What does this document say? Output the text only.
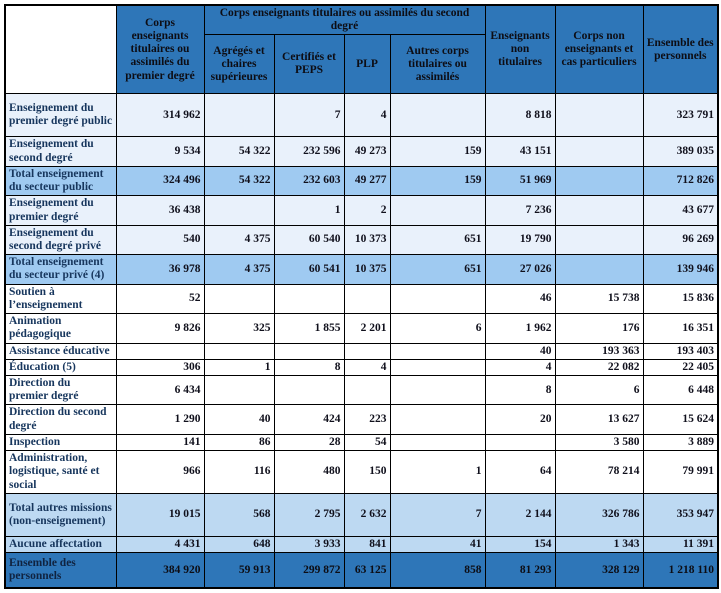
	Corps enseignants titulaires ou assimilés du premier degré	Corps enseignants titulaires ou assimilés du second degré				Enseignants non titulaires	Corps non enseignants et cas particuliers	Ensemble des personnels
		Agrégés et chaires supérieures	Certifiés et PEPS	PLP	Autres corps titulaires ou assimilés			
Enseignement du premier degré public	314 962		7	4		8 818		323 791
Enseignement du second degré	9 534	54 322	232 596	49 273	159	43 151		389 035
Total enseignement du secteur public	324 496	54 322	232 603	49 277	159	51 969		712 826
Enseignement du premier degré	36 438		1	2		7 236		43 677
Enseignement du second degré privé	540	4 375	60 540	10 373	651	19 790		96 269
Total enseignement du secteur privé (4)	36 978	4 375	60 541	10 375	651	27 026		139 946
Soutien à l’enseignement	52					46	15 738	15 836
Animation pédagogique	9 826	325	1 855	2 201	6	1 962	176	16 351
Assistance éducative						40	193 363	193 403
Éducation (5)	306	1	8	4		4	22 082	22 405
Direction du premier degré	6 434					8	6	6 448
Direction du second degré	1 290	40	424	223		20	13 627	15 624
Inspection	141	86	28	54			3 580	3 889
Administration, logistique, santé et social	966	116	480	150	1	64	78 214	79 991
Total autres missions (non-enseignement)	19 015	568	2 795	2 632	7	2 144	326 786	353 947
Aucune affectation	4 431	648	3 933	841	41	154	1 343	11 391
Ensemble des personnels	384 920	59 913	299 872	63 125	858	81 293	328 129	1 218 110
